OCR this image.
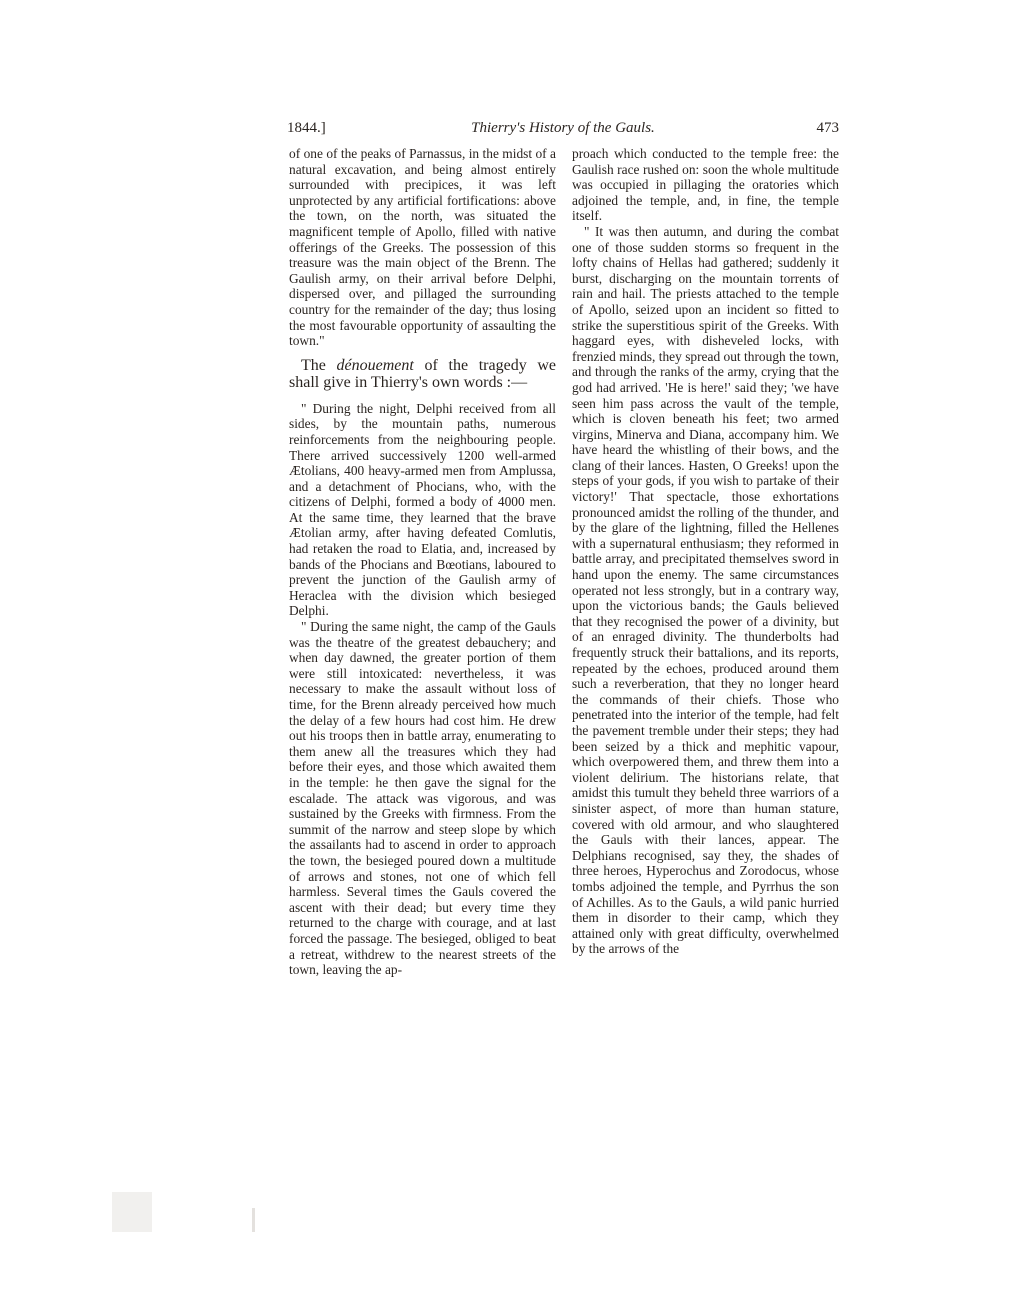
Thierry's History of the Gauls.
1844.]	473

of one of the peaks of Parnassus, in the midst of a natural excavation, and being almost entirely surrounded with precipices, it was left unprotected by any artificial fortifications: above the town, on the north, was situated the magnificent temple of Apollo, filled with native offerings of the Greeks. The possession of this treasure was the main object of the Brenn. The Gaulish army, on their arrival before Delphi, dispersed over, and pillaged the surrounding country for the remainder of the day; thus losing the most favourable opportunity of assaulting the town."

The dénouement of the tragedy we shall give in Thierry's own words :—

" During the night, Delphi received from all sides, by the mountain paths, numerous reinforcements from the neighbouring people. There arrived successively 1200 well-armed Ætolians, 400 heavy-armed men from Amplussa, and a detachment of Phocians, who, with the citizens of Delphi, formed a body of 4000 men. At the same time, they learned that the brave Ætolian army, after having defeated Comlutis, had retaken the road to Elatia, and, increased by bands of the Phocians and Bœotians, laboured to prevent the junction of the Gaulish army of Heraclea with the division which besieged Delphi.

" During the same night, the camp of the Gauls was the theatre of the greatest debauchery; and when day dawned, the greater portion of them were still intoxicated: nevertheless, it was necessary to make the assault without loss of time, for the Brenn already perceived how much the delay of a few hours had cost him. He drew out his troops then in battle array, enumerating to them anew all the treasures which they had before their eyes, and those which awaited them in the temple: he then gave the signal for the escalade. The attack was vigorous, and was sustained by the Greeks with firmness. From the summit of the narrow and steep slope by which the assailants had to ascend in order to approach the town, the besieged poured down a multitude of arrows and stones, not one of which fell harmless. Several times the Gauls covered the ascent with their dead; but every time they returned to the charge with courage, and at last forced the passage. The besieged, obliged to beat a retreat, withdrew to the nearest streets of the town, leaving the ap-

proach which conducted to the temple free: the Gaulish race rushed on: soon the whole multitude was occupied in pillaging the oratories which adjoined the temple, and, in fine, the temple itself.

" It was then autumn, and during the combat one of those sudden storms so frequent in the lofty chains of Hellas had gathered; suddenly it burst, discharging on the mountain torrents of rain and hail. The priests attached to the temple of Apollo, seized upon an incident so fitted to strike the superstitious spirit of the Greeks. With haggard eyes, with disheveled locks, with frenzied minds, they spread out through the town, and through the ranks of the army, crying that the god had arrived. 'He is here!' said they; 'we have seen him pass across the vault of the temple, which is cloven beneath his feet; two armed virgins, Minerva and Diana, accompany him. We have heard the whistling of their bows, and the clang of their lances. Hasten, O Greeks! upon the steps of your gods, if you wish to partake of their victory!' That spectacle, those exhortations pronounced amidst the rolling of the thunder, and by the glare of the lightning, filled the Hellenes with a supernatural enthusiasm; they reformed in battle array, and precipitated themselves sword in hand upon the enemy. The same circumstances operated not less strongly, but in a contrary way, upon the victorious bands; the Gauls believed that they recognised the power of a divinity, but of an enraged divinity. The thunderbolts had frequently struck their battalions, and its reports, repeated by the echoes, produced around them such a reverberation, that they no longer heard the commands of their chiefs. Those who penetrated into the interior of the temple, had felt the pavement tremble under their steps; they had been seized by a thick and mephitic vapour, which overpowered them, and threw them into a violent delirium. The historians relate, that amidst this tumult they beheld three warriors of a sinister aspect, of more than human stature, covered with old armour, and who slaughtered the Gauls with their lances, appear. The Delphians recognised, say they, the shades of three heroes, Hyperochus and Zorodocus, whose tombs adjoined the temple, and Pyrrhus the son of Achilles. As to the Gauls, a wild panic hurried them in disorder to their camp, which they attained only with great difficulty, overwhelmed by the arrows of the
